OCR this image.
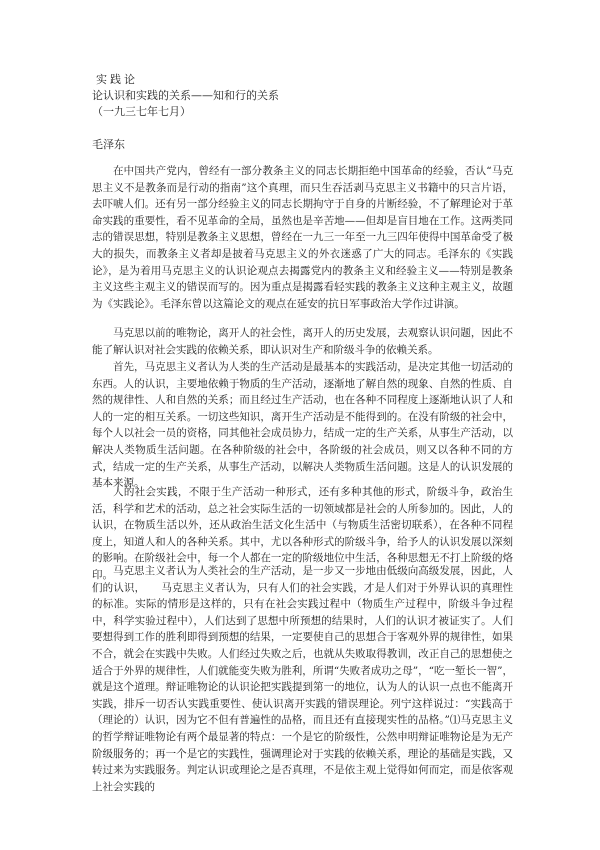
实践论
论认识和实践的关系——知和行的关系
（一九三七年七月）
毛泽东

在中国共产党内，曾经有一部分教条主义的同志长期拒绝中国革命的经验，否认“马克思主义不是教条而是行动的指南”这个真理，而只生吞活剥马克思主义书籍中的只言片语，去吓唬人们。还有另一部分经验主义的同志长期拘守于自身的片断经验，不了解理论对于革命实践的重要性，看不见革命的全局，虽然也是辛苦地——但却是盲目地在工作。这两类同志的错误思想，特别是教条主义思想，曾经在一九三一年至一九三四年使得中国革命受了极大的损失，而教条主义者却是披着马克思主义的外衣迷惑了广大的同志。毛泽东的《实践论》，是为着用马克思主义的认识论观点去揭露党内的教条主义和经验主义——特别是教条主义这些主观主义的错误而写的。因为重点是揭露看轻实践的教条主义这种主观主义，故题为《实践论》。毛泽东曾以这篇论文的观点在延安的抗日军事政治大学作过讲演。

马克思以前的唯物论，离开人的社会性，离开人的历史发展，去观察认识问题，因此不能了解认识对社会实践的依赖关系，即认识对生产和阶级斗争的依赖关系。

首先，马克思主义者认为人类的生产活动是最基本的实践活动，是决定其他一切活动的东西。人的认识，主要地依赖于物质的生产活动，逐渐地了解自然的现象、自然的性质、自然的规律性、人和自然的关系；而且经过生产活动，也在各种不同程度上逐渐地认识了人和人的一定的相互关系。一切这些知识，离开生产活动是不能得到的。在没有阶级的社会中，每个人以社会一员的资格，同其他社会成员协力，结成一定的生产关系，从事生产活动，以解决人类物质生活问题。在各种阶级的社会中，各阶级的社会成员，则又以各种不同的方式，结成一定的生产关系，从事生产活动，以解决人类物质生活问题。这是人的认识发展的基本来源。

人的社会实践，不限于生产活动一种形式，还有多种其他的形式，阶级斗争，政治生活，科学和艺术的活动，总之社会实际生活的一切领域都是社会的人所参加的。因此，人的认识，在物质生活以外，还从政治生活文化生活中（与物质生活密切联系），在各种不同程度上，知道人和人的各种关系。其中，尤以各种形式的阶级斗争，给予人的认识发展以深刻的影响。在阶级社会中，每一个人都在一定的阶级地位中生活，各种思想无不打上阶级的烙印。 马克思主义者认为人类社会的生产活动，是一步又一步地由低级向高级发展，因此，人们的认识，　　马克思主义者认为，只有人们的社会实践，才是人们对于外界认识的真理性的标准。实际的情形是这样的，只有在社会实践过程中（物质生产过程中，阶级斗争过程中，科学实验过程中），人们达到了思想中所预想的结果时，人们的认识才被证实了。人们要想得到工作的胜利即得到预想的结果，一定要使自己的思想合于客观外界的规律性，如果不合，就会在实践中失败。人们经过失败之后，也就从失败取得教训，改正自己的思想使之适合于外界的规律性，人们就能变失败为胜利，所谓“失败者成功之母”，“吃一堑长一智”，就是这个道理。辩证唯物论的认识论把实践提到第一的地位，认为人的认识一点也不能离开实践，排斥一切否认实践重要性、使认识离开实践的错误理论。列宁这样说过：“实践高于（理论的）认识，因为它不但有普遍性的品格，而且还有直接现实性的品格。”⑴马克思主义的哲学辩证唯物论有两个最显著的特点：一个是它的阶级性，公然申明辩证唯物论是为无产阶级服务的；再一个是它的实践性，强调理论对于实践的依赖关系，理论的基础是实践，又转过来为实践服务。判定认识或理论之是否真理，不是依主观上觉得如何而定，而是依客观上社会实践的
